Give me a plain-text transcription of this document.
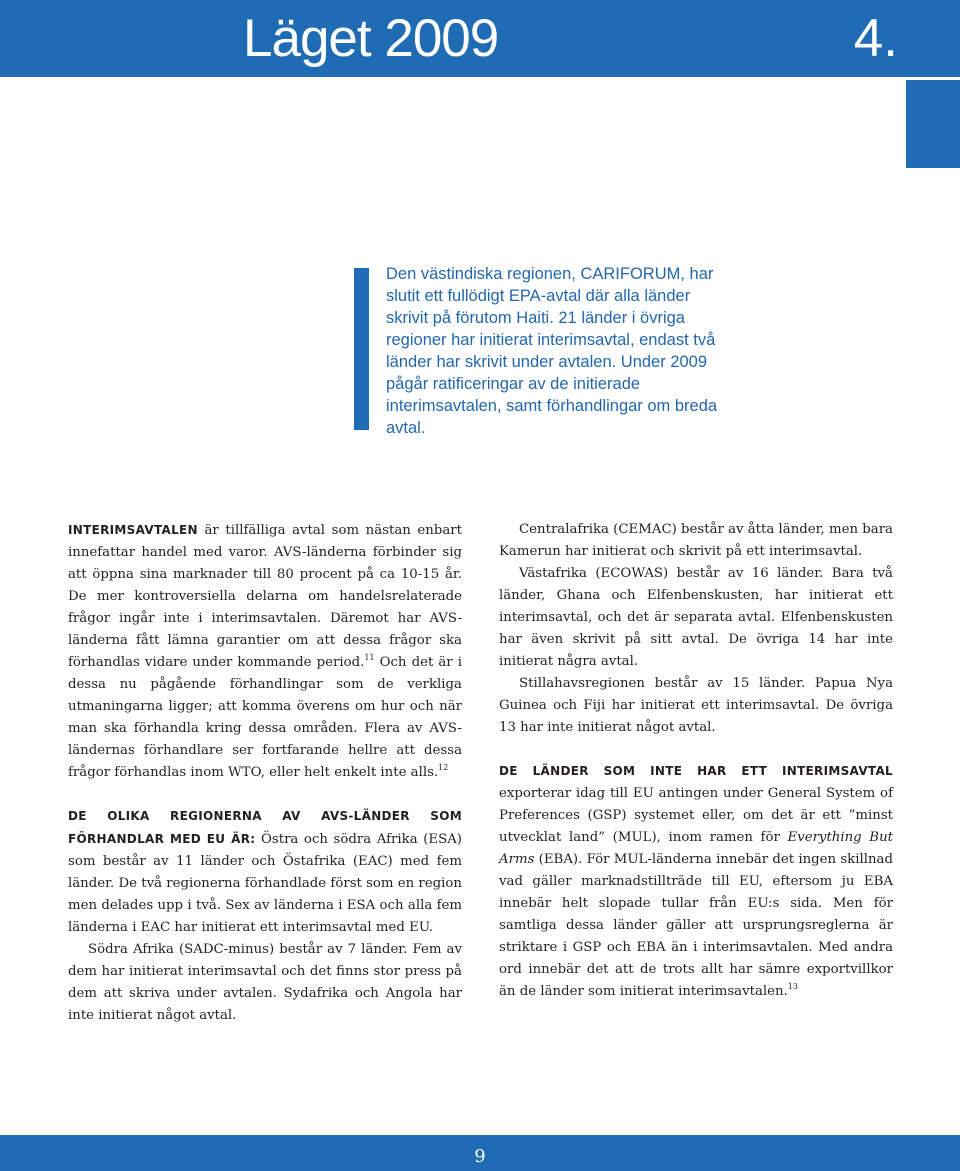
Läget 2009	4.
Den västindiska regionen, CARIFORUM, har slutit ett fullödigt EPA-avtal där alla länder skrivit på förutom Haiti. 21 länder i övriga regioner har initierat interimsavtal, endast två länder har skrivit under avtalen. Under 2009 pågår ratificeringar av de initierade interimsavtalen, samt förhandlingar om breda avtal.

INTERIMSAVTALEN är tillfälliga avtal som nästan enbart innefattar handel med varor. AVS-länderna förbinder sig att öppna sina marknader till 80 procent på ca 10-15 år. De mer kontroversiella delarna om handelsrelaterade frågor ingår inte i interimsavtalen. Däremot har AVS-länderna fått lämna garantier om att dessa frågor ska förhandlas vidare under kommande period.$^{11}$ Och det är i dessa nu pågående förhandlingar som de verkliga utmaningarna ligger; att komma överens om hur och när man ska förhandla kring dessa områden. Flera av AVS-ländernas förhandlare ser fortfarande hellre att dessa frågor förhandlas inom WTO, eller helt enkelt inte alls.$^{12}$

DE OLIKA REGIONERNA AV AVS-LÄNDER SOM FÖRHANDLAR MED EU ÄR: Östra och södra Afrika (ESA) som består av 11 länder och Östafrika (EAC) med fem länder. De två regionerna förhandlade först som en region men delades upp i två. Sex av länderna i ESA och alla fem länderna i EAC har initierat ett interimsavtal med EU.

Södra Afrika (SADC-minus) består av 7 länder. Fem av dem har initierat interimsavtal och det finns stor press på dem att skriva under avtalen. Sydafrika och Angola har inte initierat något avtal.

Centralafrika (CEMAC) består av åtta länder, men bara Kamerun har initierat och skrivit på ett interimsavtal.

Västafrika (ECOWAS) består av 16 länder. Bara två länder, Ghana och Elfenbenskusten, har initierat ett interimsavtal, och det är separata avtal. Elfenbenskusten har även skrivit på sitt avtal. De övriga 14 har inte initierat några avtal.

Stillahavsregionen består av 15 länder. Papua Nya Guinea och Fiji har initierat ett interimsavtal. De övriga 13 har inte initierat något avtal.

DE LÄNDER SOM INTE HAR ETT INTERIMSAVTAL exporterar idag till EU antingen under General System of Preferences (GSP) systemet eller, om det är ett ”minst utvecklat land” (MUL), inom ramen för Everything But Arms (EBA). För MUL-länderna innebär det ingen skillnad vad gäller marknadstillträde till EU, eftersom ju EBA innebär helt slopade tullar från EU:s sida. Men för samtliga dessa länder gäller att ursprungsreglerna är striktare i GSP och EBA än i interimsavtalen. Med andra ord innebär det att de trots allt har sämre exportvillkor än de länder som initierat interimsavtalen.$^{13}$

9
